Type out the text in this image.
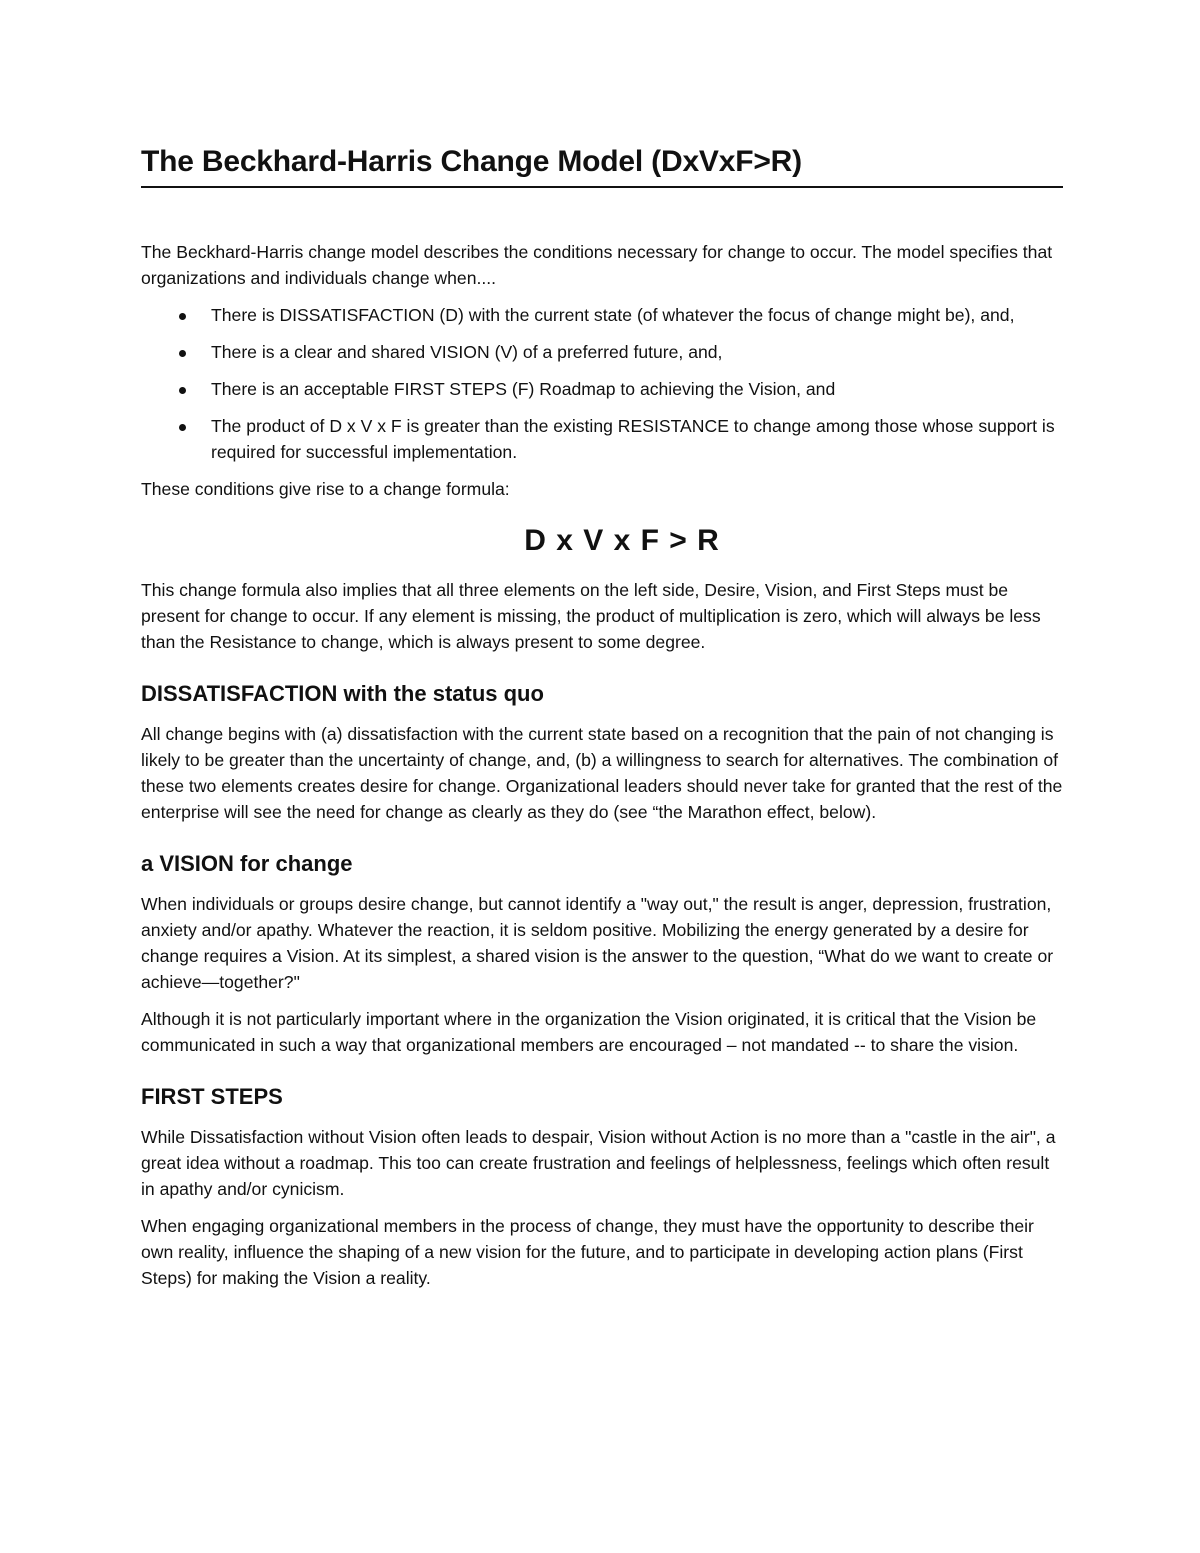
The Beckhard-Harris Change Model (DxVxF>R)

The Beckhard-Harris change model describes the conditions necessary for change to occur. The model specifies that organizations and individuals change when....

There is DISSATISFACTION (D) with the current state (of whatever the focus of change might be), and,
There is a clear and shared VISION (V) of a preferred future, and,
There is an acceptable FIRST STEPS (F) Roadmap to achieving the Vision, and
The product of D x V x F is greater than the existing RESISTANCE to change among those whose support is required for successful implementation.

These conditions give rise to a change formula:

D x V x F > R

This change formula also implies that all three elements on the left side, Desire, Vision, and First Steps must be present for change to occur. If any element is missing, the product of multiplication is zero, which will always be less than the Resistance to change, which is always present to some degree.

DISSATISFACTION with the status quo

All change begins with (a) dissatisfaction with the current state based on a recognition that the pain of not changing is likely to be greater than the uncertainty of change, and, (b) a willingness to search for alternatives. The combination of these two elements creates desire for change. Organizational leaders should never take for granted that the rest of the enterprise will see the need for change as clearly as they do (see “the Marathon effect, below).

a VISION for change

When individuals or groups desire change, but cannot identify a "way out," the result is anger, depression, frustration, anxiety and/or apathy. Whatever the reaction, it is seldom positive. Mobilizing the energy generated by a desire for change requires a Vision. At its simplest, a shared vision is the answer to the question, “What do we want to create or achieve—together?"

Although it is not particularly important where in the organization the Vision originated, it is critical that the Vision be communicated in such a way that organizational members are encouraged – not mandated -- to share the vision.

FIRST STEPS

While Dissatisfaction without Vision often leads to despair, Vision without Action is no more than a "castle in the air", a great idea without a roadmap. This too can create frustration and feelings of helplessness, feelings which often result in apathy and/or cynicism.

When engaging organizational members in the process of change, they must have the opportunity to describe their own reality, influence the shaping of a new vision for the future, and to participate in developing action plans (First Steps) for making the Vision a reality.
